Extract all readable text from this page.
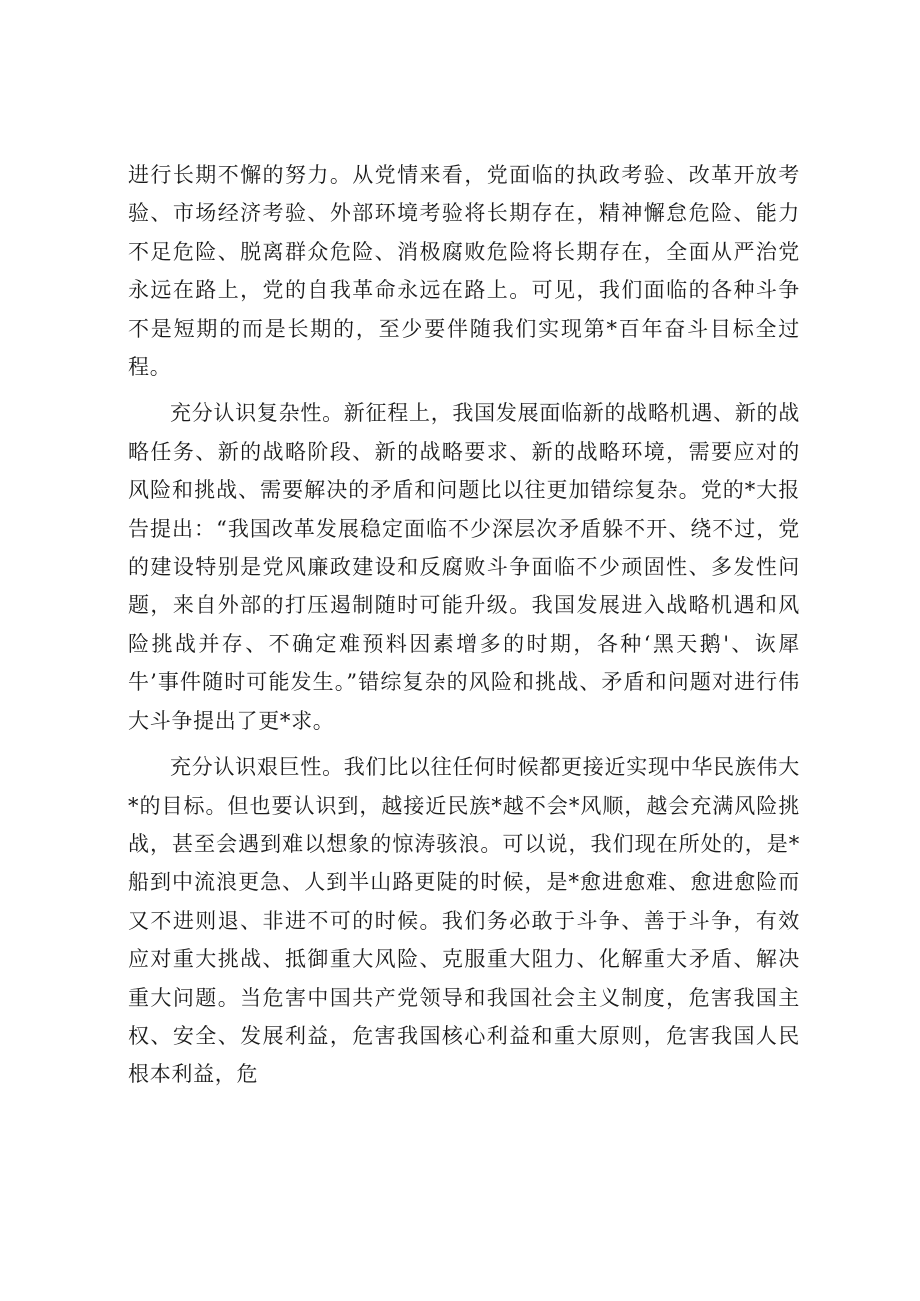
进行长期不懈的努力。从党情来看，党面临的执政考验、改革开放考验、市场经济考验、外部环境考验将长期存在，精神懈怠危险、能力不足危险、脱离群众危险、消极腐败危险将长期存在，全面从严治党永远在路上，党的自我革命永远在路上。可见，我们面临的各种斗争不是短期的而是长期的，至少要伴随我们实现第*百年奋斗目标全过程。

充分认识复杂性。新征程上，我国发展面临新的战略机遇、新的战略任务、新的战略阶段、新的战略要求、新的战略环境，需要应对的风险和挑战、需要解决的矛盾和问题比以往更加错综复杂。党的*大报告提出：“我国改革发展稳定面临不少深层次矛盾躲不开、绕不过，党的建设特别是党风廉政建设和反腐败斗争面临不少顽固性、多发性问题，来自外部的打压遏制随时可能升级。我国发展进入战略机遇和风险挑战并存、不确定难预料因素增多的时期，各种‘黑天鹅'、诙犀牛’事件随时可能发生。”错综复杂的风险和挑战、矛盾和问题对进行伟大斗争提出了更*求。

充分认识艰巨性。我们比以往任何时候都更接近实现中华民族伟大*的目标。但也要认识到，越接近民族*越不会*风顺，越会充满风险挑战，甚至会遇到难以想象的惊涛骇浪。可以说，我们现在所处的，是*船到中流浪更急、人到半山路更陡的时候，是*愈进愈难、愈进愈险而又不进则退、非进不可的时候。我们务必敢于斗争、善于斗争，有效应对重大挑战、抵御重大风险、克服重大阻力、化解重大矛盾、解决重大问题。当危害中国共产党领导和我国社会主义制度，危害我国主权、安全、发展利益，危害我国核心利益和重大原则，危害我国人民根本利益，危
